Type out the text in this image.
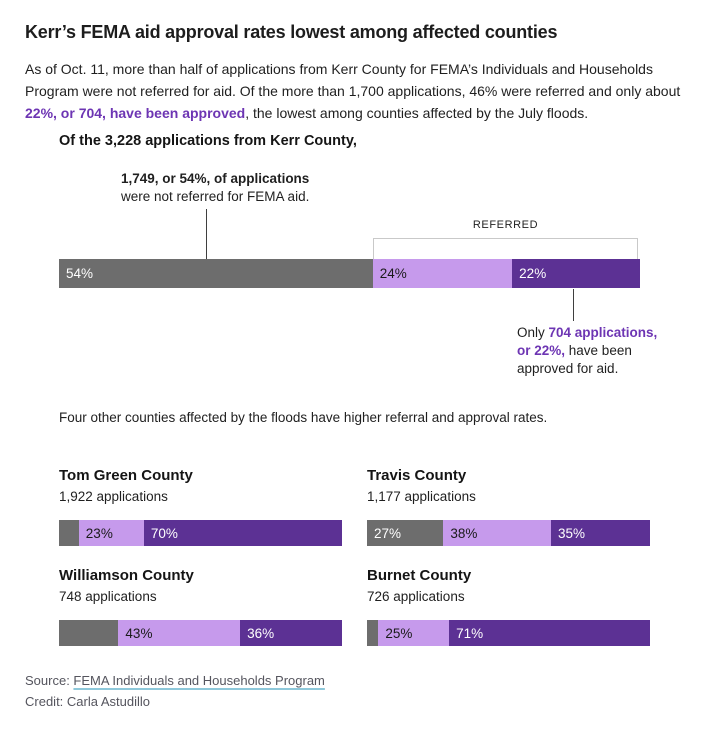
Kerr’s FEMA aid approval rates lowest among affected counties

As of Oct. 11, more than half of applications from Kerr County for FEMA’s Individuals and Households Program were not referred for aid. Of the more than 1,700 applications, 46% were referred and only about 22%, or 704, have been approved, the lowest among counties affected by the July floods.

Of the 3,228 applications from Kerr County,
1,749, or 54%, of applications
were not referred for FEMA aid.
REFERRED
54%	24%	22%
Only 704 applications, or 22%, have been approved for aid.
Four other counties affected by the floods have higher referral and approval rates.
Tom Green County
1,922 applications
23%	70%
Travis County
1,177 applications
27%	38%	35%
Williamson County
748 applications
43%	36%
Burnet County
726 applications
25%	71%
Source: FEMA Individuals and Households Program
Credit: Carla Astudillo
